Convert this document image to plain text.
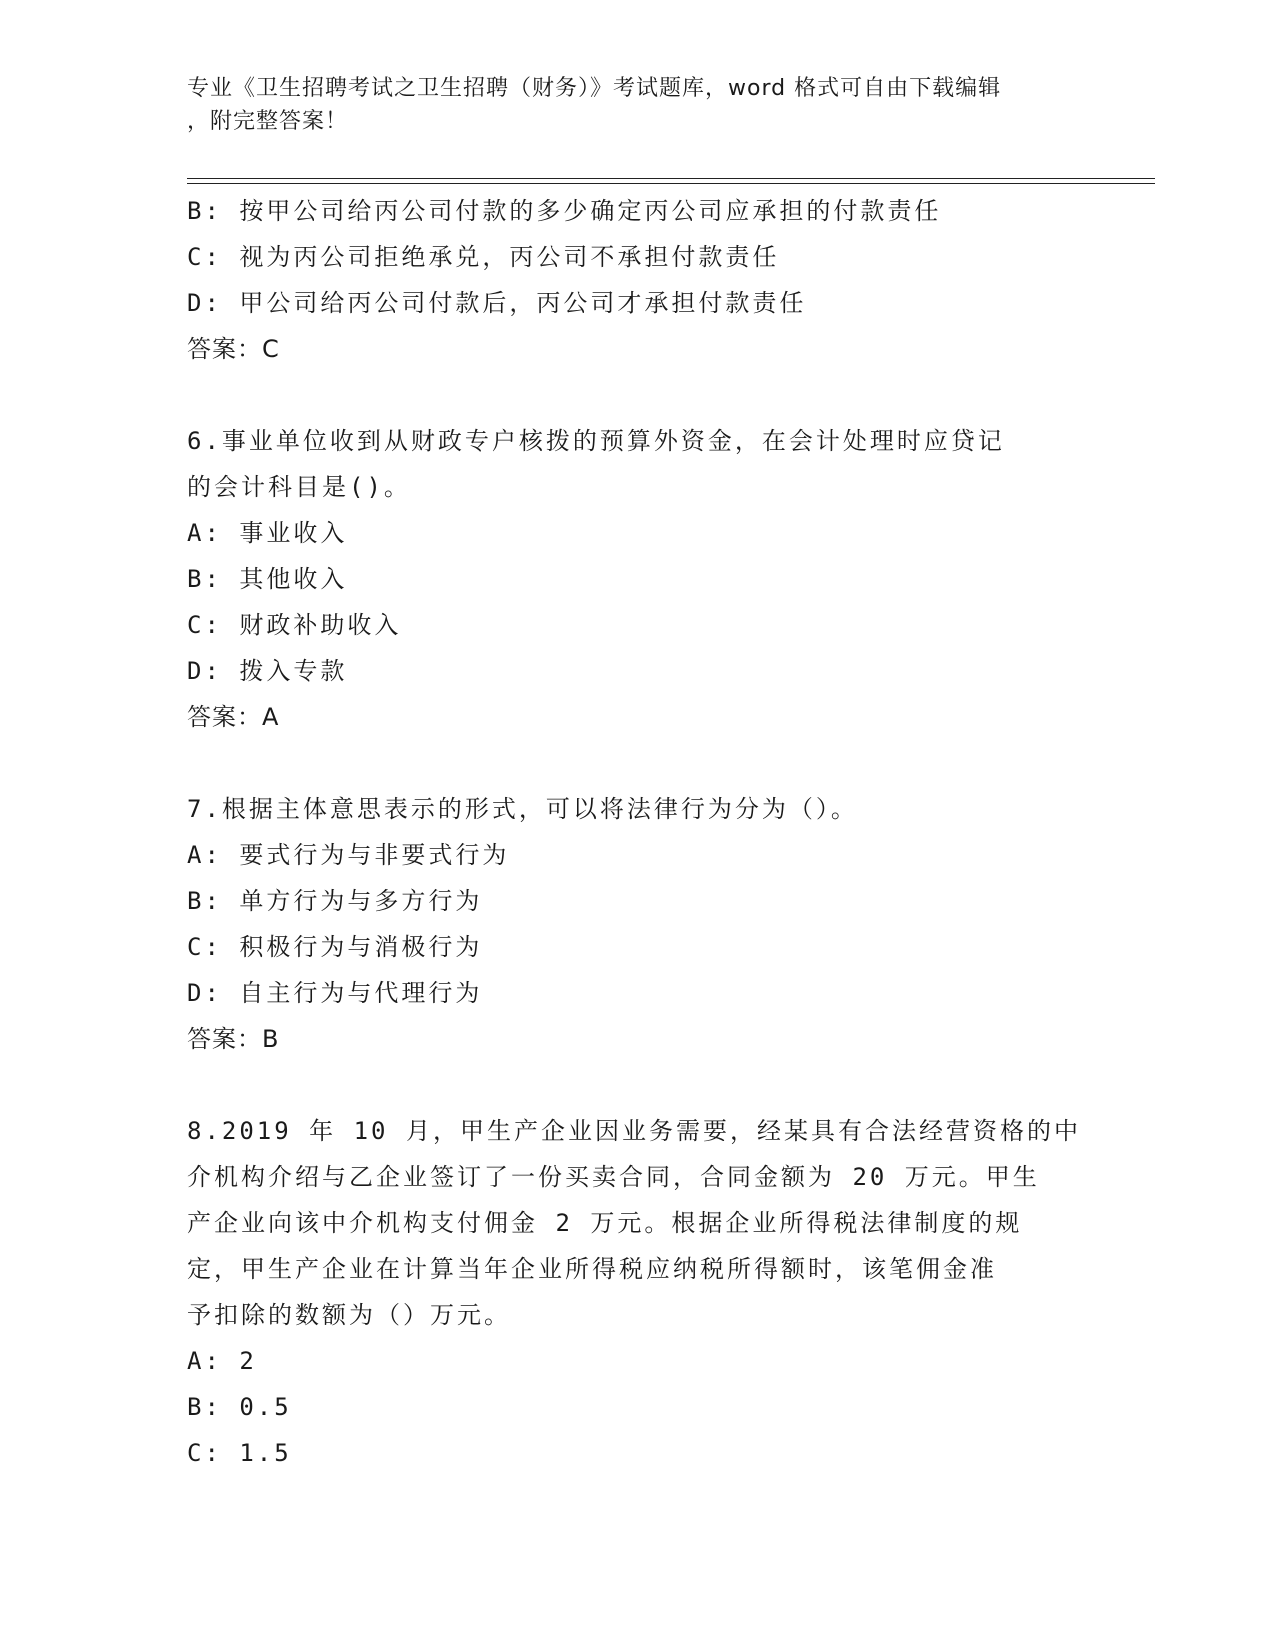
专业《卫生招聘考试之卫生招聘（财务）》考试题库，word 格式可自由下载编辑
，附完整答案！
B: 按甲公司给丙公司付款的多少确定丙公司应承担的付款责任
C: 视为丙公司拒绝承兑，丙公司不承担付款责任
D: 甲公司给丙公司付款后，丙公司才承担付款责任
答案：C
6.事业单位收到从财政专户核拨的预算外资金，在会计处理时应贷记
的会计科目是()。
A: 事业收入
B: 其他收入
C: 财政补助收入
D: 拨入专款
答案：A
7.根据主体意思表示的形式，可以将法律行为分为（）。
A: 要式行为与非要式行为
B: 单方行为与多方行为
C: 积极行为与消极行为
D: 自主行为与代理行为
答案：B
8.2019 年 10 月，甲生产企业因业务需要，经某具有合法经营资格的中
介机构介绍与乙企业签订了一份买卖合同，合同金额为 20 万元。甲生
产企业向该中介机构支付佣金 2 万元。根据企业所得税法律制度的规
定，甲生产企业在计算当年企业所得税应纳税所得额时，该笔佣金准
予扣除的数额为（）万元。
A: 2
B: 0.5
C: 1.5
